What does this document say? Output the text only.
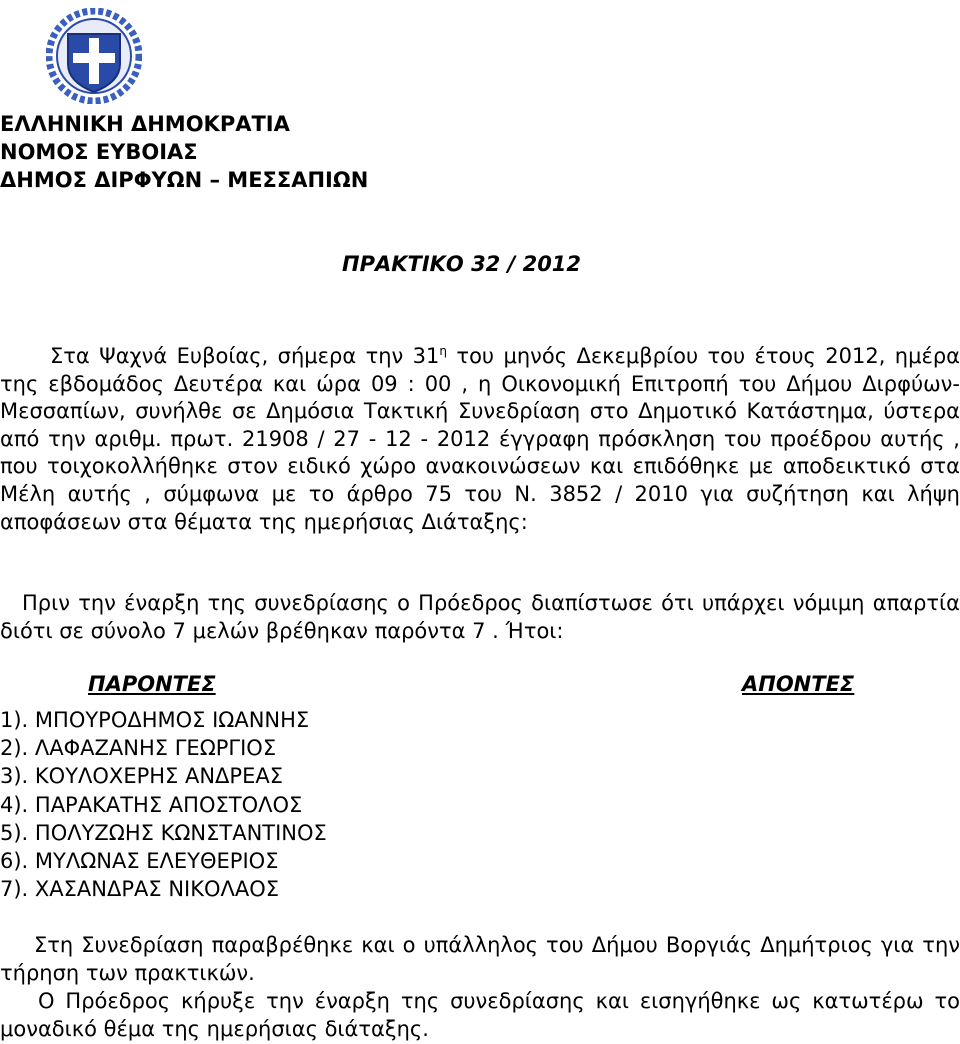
ΕΛΛΗΝΙΚΗ ΔΗΜΟΚΡΑΤΙΑ
ΝΟΜΟΣ ΕΥΒΟΙΑΣ
ΔΗΜΟΣ ΔΙΡΦΥΩΝ – ΜΕΣΣΑΠΙΩΝ
ΠΡΑΚΤΙΚΟ 32 / 2012

Στα Ψαχνά Ευβοίας, σήμερα την $31^\eta$ του μηνός Δεκεμβρίου του έτους 2012, ημέρα της εβδομάδος Δευτέρα και ώρα 09 : 00 , η Οικονομική Επιτροπή του Δήμου Διρφύων-Μεσσαπίων, συνήλθε σε Δημόσια Τακτική Συνεδρίαση στο Δημοτικό Κατάστημα, ύστερα από την αριθμ. πρωτ. 21908 / 27 - 12 - 2012 έγγραφη πρόσκληση του προέδρου αυτής , που τοιχοκολλήθηκε στον ειδικό χώρο ανακοινώσεων και επιδόθηκε με αποδεικτικό στα Μέλη αυτής , σύμφωνα με το άρθρο 75 του Ν. 3852 / 2010 για συζήτηση και λήψη αποφάσεων στα θέματα της ημερήσιας Διάταξης:

Πριν την έναρξη της συνεδρίασης ο Πρόεδρος διαπίστωσε ότι υπάρχει νόμιμη απαρτία διότι σε σύνολο 7 μελών βρέθηκαν παρόντα 7 . Ήτοι:

ΠΑΡΟΝΤΕΣ	ΑΠΟΝΤΕΣ
1). ΜΠΟΥΡΟΔΗΜΟΣ ΙΩΑΝΝΗΣ
2). ΛΑΦΑΖΑΝΗΣ ΓΕΩΡΓΙΟΣ
3). ΚΟΥΛΟΧΕΡΗΣ ΑΝΔΡΕΑΣ
4). ΠΑΡΑΚΑΤΗΣ ΑΠΟΣΤΟΛΟΣ
5). ΠΟΛΥΖΩΗΣ ΚΩΝΣΤΑΝΤΙΝΟΣ
6). ΜΥΛΩΝΑΣ ΕΛΕΥΘΕΡΙΟΣ
7). ΧΑΣΑΝΔΡΑΣ ΝΙΚΟΛΑΟΣ

Στη Συνεδρίαση παραβρέθηκε και ο υπάλληλος του Δήμου Βοργιάς Δημήτριος για την τήρηση των πρακτικών.

Ο Πρόεδρος κήρυξε την έναρξη της συνεδρίασης και εισηγήθηκε ως κατωτέρω το μοναδικό θέμα της ημερήσιας διάταξης.
